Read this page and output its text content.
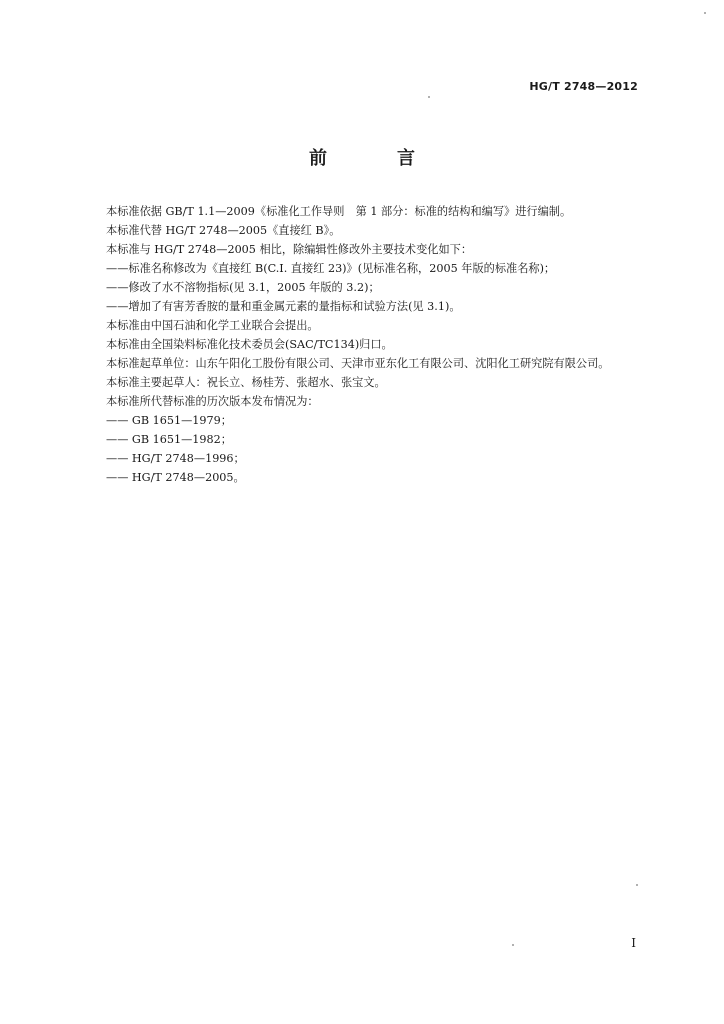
HG/T 2748—2012
前　言

本标准依据 GB/T 1.1—2009《标准化工作导则　第 1 部分：标准的结构和编写》进行编制。

本标准代替 HG/T 2748—2005《直接红 B》。

本标准与 HG/T 2748—2005 相比，除编辑性修改外主要技术变化如下：

——标准名称修改为《直接红 B(C.I. 直接红 23)》(见标准名称，2005 年版的标准名称)；

——修改了水不溶物指标(见 3.1，2005 年版的 3.2)；

——增加了有害芳香胺的量和重金属元素的量指标和试验方法(见 3.1)。

本标准由中国石油和化学工业联合会提出。

本标准由全国染料标准化技术委员会(SAC/TC134)归口。

本标准起草单位：山东午阳化工股份有限公司、天津市亚东化工有限公司、沈阳化工研究院有限公司。

本标准主要起草人：祝长立、杨桂芳、张超水、张宝文。

本标准所代替标准的历次版本发布情况为：

—— GB 1651—1979；

—— GB 1651—1982；

—— HG/T 2748—1996；

—— HG/T 2748—2005。

I
